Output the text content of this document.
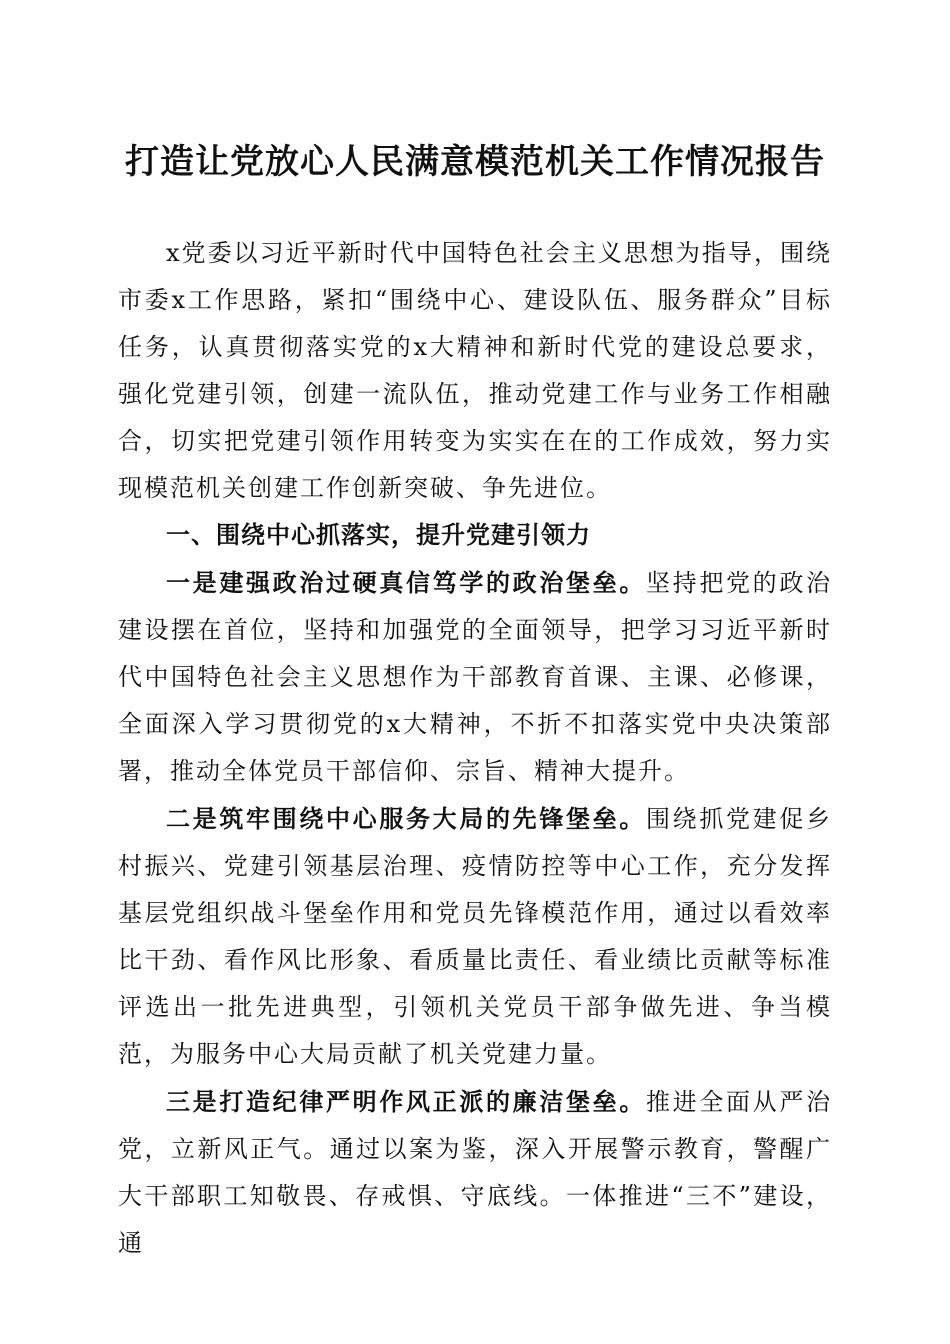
打造让党放心人民满意模范机关工作情况报告

x党委以习近平新时代中国特色社会主义思想为指导，围绕市委x工作思路，紧扣“围绕中心、建设队伍、服务群众”目标任务，认真贯彻落实党的x大精神和新时代党的建设总要求，强化党建引领，创建一流队伍，推动党建工作与业务工作相融合，切实把党建引领作用转变为实实在在的工作成效，努力实现模范机关创建工作创新突破、争先进位。

一、围绕中心抓落实，提升党建引领力

一是建强政治过硬真信笃学的政治堡垒。坚持把党的政治建设摆在首位，坚持和加强党的全面领导，把学习习近平新时代中国特色社会主义思想作为干部教育首课、主课、必修课，全面深入学习贯彻党的x大精神，不折不扣落实党中央决策部署，推动全体党员干部信仰、宗旨、精神大提升。

二是筑牢围绕中心服务大局的先锋堡垒。围绕抓党建促乡村振兴、党建引领基层治理、疫情防控等中心工作，充分发挥基层党组织战斗堡垒作用和党员先锋模范作用，通过以看效率比干劲、看作风比形象、看质量比责任、看业绩比贡献等标准评选出一批先进典型，引领机关党员干部争做先进、争当模范，为服务中心大局贡献了机关党建力量。

三是打造纪律严明作风正派的廉洁堡垒。推进全面从严治党，立新风正气。通过以案为鉴，深入开展警示教育，警醒广大干部职工知敬畏、存戒惧、守底线。一体推进“三不”建设，通
